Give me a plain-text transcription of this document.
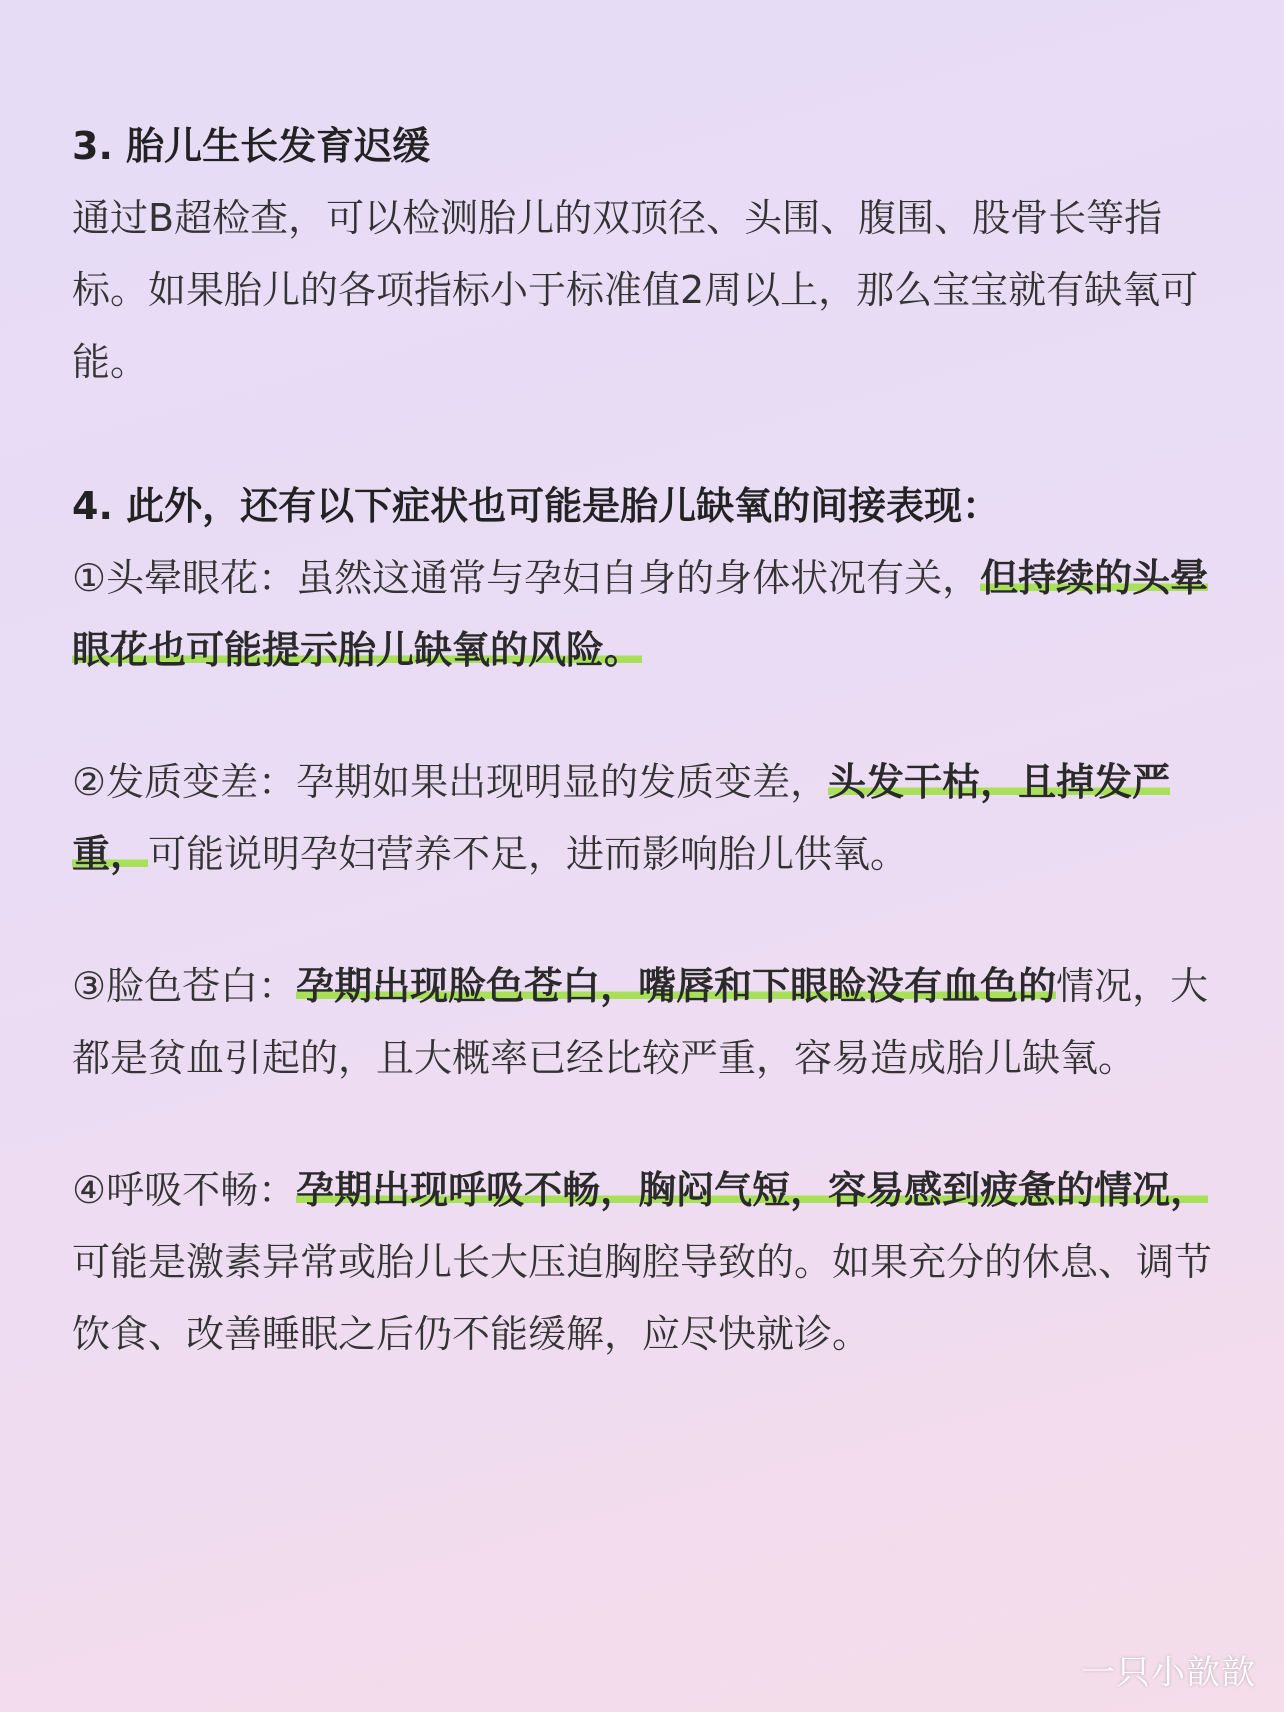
3. 胎儿生长发育迟缓

通过B超检查，可以检测胎儿的双顶径、头围、腹围、股骨长等指标。如果胎儿的各项指标小于标准值2周以上，那么宝宝就有缺氧可能。

4. 此外，还有以下症状也可能是胎儿缺氧的间接表现：

①头晕眼花：虽然这通常与孕妇自身的身体状况有关，但持续的头晕眼花也可能提示胎儿缺氧的风险。

②发质变差：孕期如果出现明显的发质变差，头发干枯，且掉发严重，可能说明孕妇营养不足，进而影响胎儿供氧。

③脸色苍白：孕期出现脸色苍白，嘴唇和下眼睑没有血色的情况，大都是贫血引起的，且大概率已经比较严重，容易造成胎儿缺氧。

④呼吸不畅：孕期出现呼吸不畅，胸闷气短，容易感到疲惫的情况，可能是激素异常或胎儿长大压迫胸腔导致的。如果充分的休息、调节饮食、改善睡眠之后仍不能缓解，应尽快就诊。

一只小歆歆
